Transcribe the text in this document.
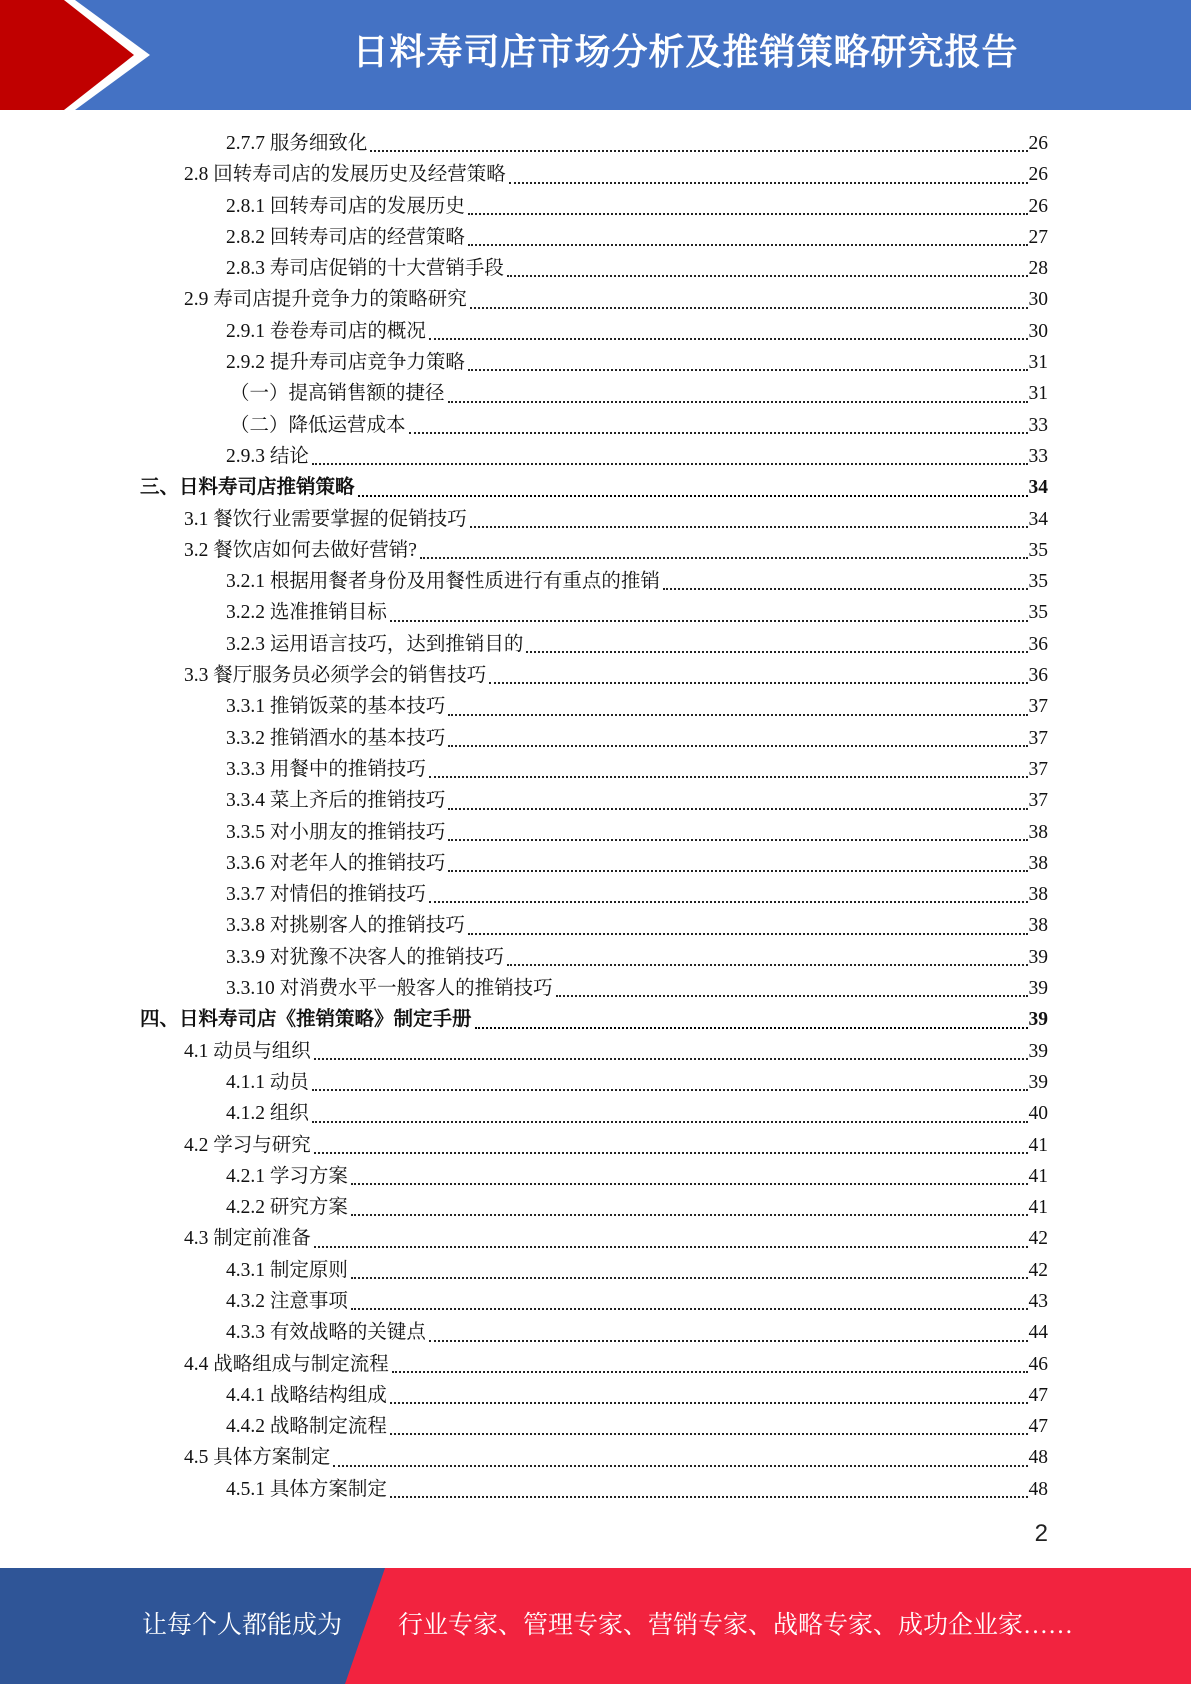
日料寿司店市场分析及推销策略研究报告
2.7.7 服务细致化	26
2.8 回转寿司店的发展历史及经营策略	26
2.8.1 回转寿司店的发展历史	26
2.8.2 回转寿司店的经营策略	27
2.8.3 寿司店促销的十大营销手段	28
2.9 寿司店提升竞争力的策略研究	30
2.9.1 卷卷寿司店的概况	30
2.9.2 提升寿司店竞争力策略	31
（一）提高销售额的捷径	31
（二）降低运营成本	33
2.9.3 结论	33
三、日料寿司店推销策略	34
3.1 餐饮行业需要掌握的促销技巧	34
3.2 餐饮店如何去做好营销?	35
3.2.1 根据用餐者身份及用餐性质进行有重点的推销	35
3.2.2 选准推销目标	35
3.2.3 运用语言技巧，达到推销目的	36
3.3 餐厅服务员必须学会的销售技巧	36
3.3.1 推销饭菜的基本技巧	37
3.3.2 推销酒水的基本技巧	37
3.3.3 用餐中的推销技巧	37
3.3.4 菜上齐后的推销技巧	37
3.3.5 对小朋友的推销技巧	38
3.3.6 对老年人的推销技巧	38
3.3.7 对情侣的推销技巧	38
3.3.8 对挑剔客人的推销技巧	38
3.3.9 对犹豫不决客人的推销技巧	39
3.3.10 对消费水平一般客人的推销技巧	39
四、日料寿司店《推销策略》制定手册	39
4.1 动员与组织	39
4.1.1 动员	39
4.1.2 组织	40
4.2 学习与研究	41
4.2.1 学习方案	41
4.2.2 研究方案	41
4.3 制定前准备	42
4.3.1 制定原则	42
4.3.2 注意事项	43
4.3.3 有效战略的关键点	44
4.4 战略组成与制定流程	46
4.4.1 战略结构组成	47
4.4.2 战略制定流程	47
4.5 具体方案制定	48
4.5.1 具体方案制定	48
2
让每个人都能成为 行业专家、管理专家、营销专家、战略专家、成功企业家……
